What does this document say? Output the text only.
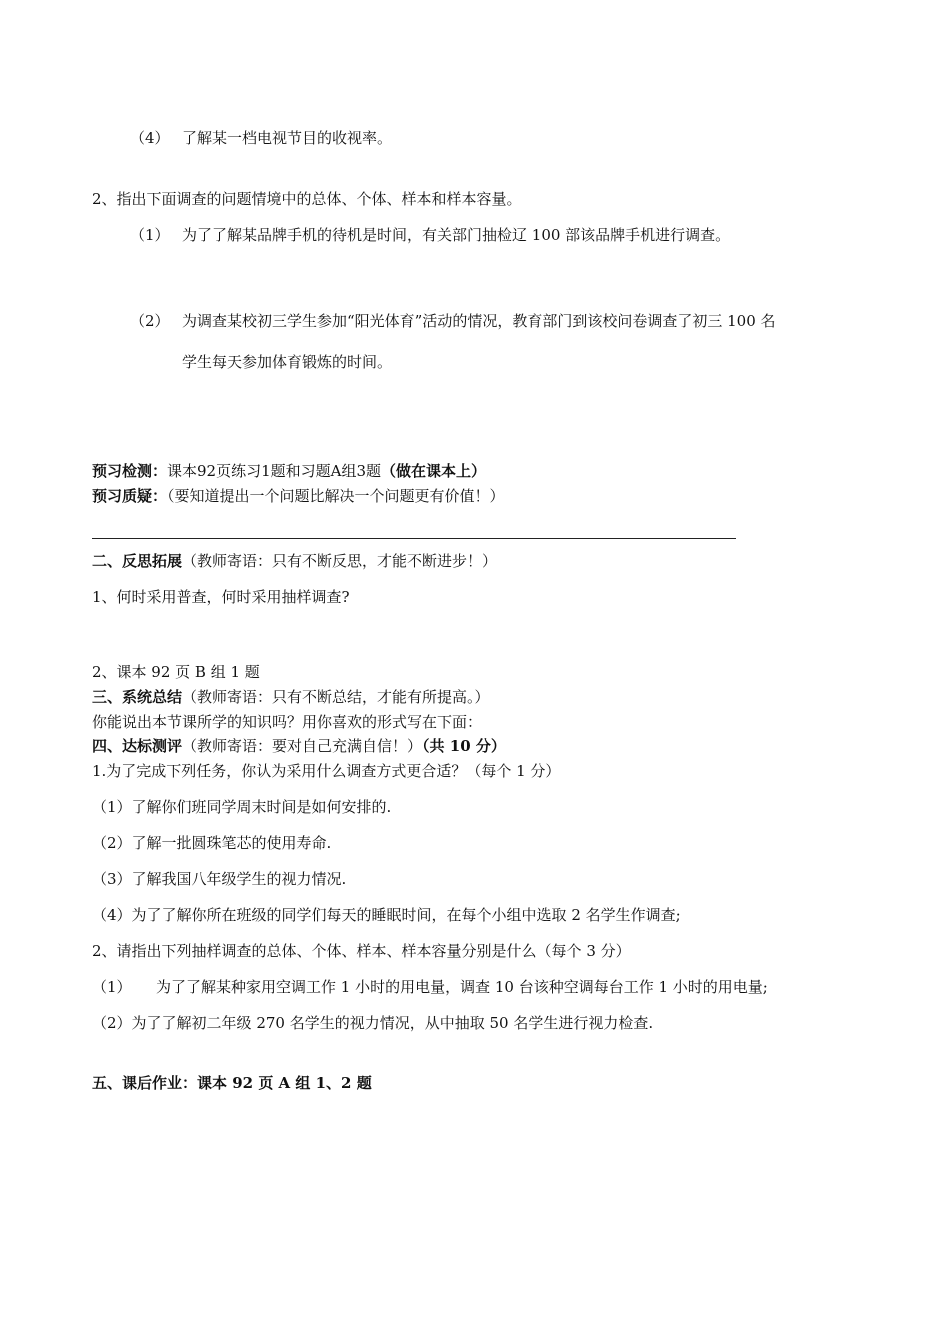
（4） 了解某一档电视节目的收视率。
2、指出下面调查的问题情境中的总体、个体、样本和样本容量。
（1） 为了了解某品牌手机的待机是时间，有关部门抽检辽 100 部该品牌手机进行调查。
（2） 为调查某校初三学生参加“阳光体育”活动的情况，教育部门到该校问卷调查了初三 100 名
学生每天参加体育锻炼的时间。
预习检测：课本92页练习1题和习题A组3题（做在课本上）
预习质疑：（要知道提出一个问题比解决一个问题更有价值！）
二、反思拓展（教师寄语：只有不断反思，才能不断进步！）
1、何时采用普查，何时采用抽样调查?
2、课本 92 页 B 组 1 题
三、系统总结（教师寄语：只有不断总结，才能有所提高。）
你能说出本节课所学的知识吗？用你喜欢的形式写在下面：
四、达标测评（教师寄语：要对自己充满自信！）（共 10 分）
1.为了完成下列任务，你认为采用什么调查方式更合适？（每个 1 分）
（1）了解你们班同学周末时间是如何安排的.
（2）了解一批圆珠笔芯的使用寿命.
（3）了解我国八年级学生的视力情况.
（4）为了了解你所在班级的同学们每天的睡眠时间，在每个小组中选取 2 名学生作调查;
2、请指出下列抽样调查的总体、个体、样本、样本容量分别是什么（每个 3 分）
（1） 为了了解某种家用空调工作 1 小时的用电量，调查 10 台该种空调每台工作 1 小时的用电量;
（2）为了了解初二年级 270 名学生的视力情况，从中抽取 50 名学生进行视力检查.
五、课后作业：课本 92 页 A 组 1、2 题
